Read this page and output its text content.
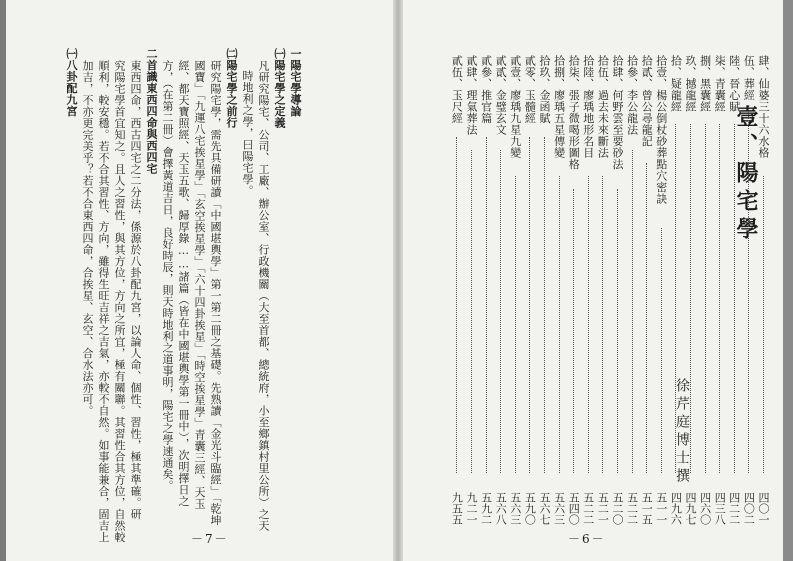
一陽宅學導論
㈠陽宅學之定義
凡研究陽宅、公司、工廠、辦公室、行政機關（大至首都、總統府，小至鄉鎮村里公所）之天
時地利之學，曰陽宅學。
㈡陽宅學之前行
研究陽宅學，需先具備研讀「中國堪輿學」第一第二冊之基礎。先熟讀「金光斗臨經」「乾坤
國寶」「九運八宅挨星學」「玄空挨星學」「六十四卦挨星」「時空挨星學」青囊三經、天玉
經、都天寶照經、天玉五歌、歸厚錄……諸篇（皆在中國堪輿學第一冊中），次明擇日之
方，（在第二冊）會擇黃道吉日，良好時辰，則天時地利之道事明，陽宅之學速通矣。
二首識東西四命與西四宅
東西四命，西古四宅之二分法，係源於八卦配九宮，以論人命、個性、習性，極其準確。研
究陽宅學首宜知之。且人之習性，與其方位，方向之所宜，極有關聯。其習性合其方位，自然較
順利，較安穩。若不合其習性、方向，雖得生旺吉祥之吉氣，亦較不自然。如事能兼合，固吉上
加吉，不亦更完美乎？若不合東西四命，合挨星、玄空、合水法亦可。
㈠八卦配九宮
－7－
壹、陽宅學
徐芹庭博士撰
肆、仙婆三十六水格
四〇一
伍、葬經
四〇二
陸、晉心賦
四二二
柒、青囊經
四三八
捌、黑囊經
四六〇
玖、撼龍經
四九七
拾、疑龍經
四九六
拾壹、楊公倒杖砂葬點穴密訣
五一一
拾貳、曾公尋龍記
五一五
拾參、李公龍法
五二二
拾肆、何野雲至要砂法
五二〇
拾伍、過去未來斷法
五二一
拾陸、廖瑀地形名目
五二二
拾柒、張子微喝形圖格
五四〇
拾捌、廖瑀五星傳變
五六三
拾玖、金函賦
五六七
貳零、玉髓經
五九〇
貳壹、廖瑀九星九變
五六三
貳貳、金璧玄文
五六八
貳參、推官篇
五九二
貳肆、理氣葬法
九二一
貳伍、玉尺經
九五五
－6－
